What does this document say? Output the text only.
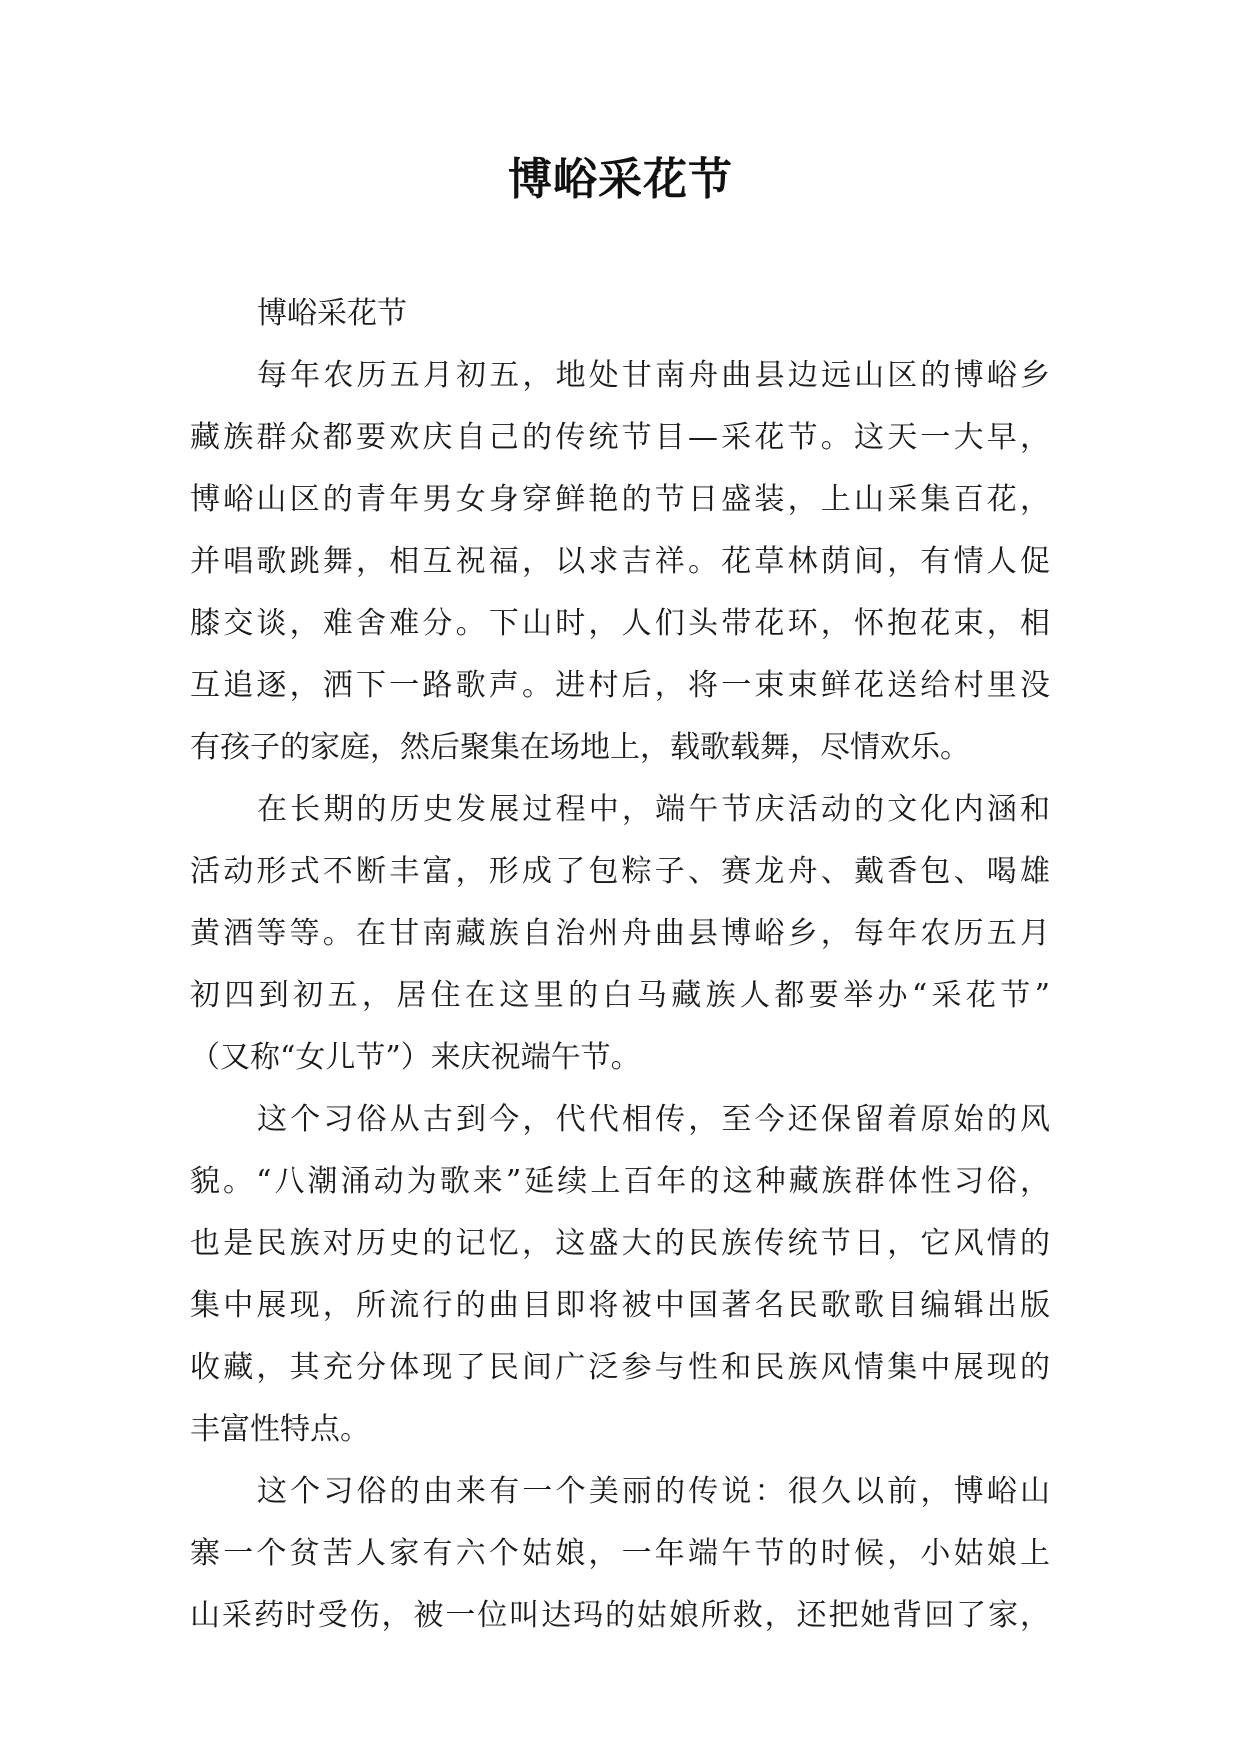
博峪采花节
博峪采花节
每年农历五月初五，地处甘南舟曲县边远山区的博峪乡
藏族群众都要欢庆自己的传统节目—采花节。这天一大早，
博峪山区的青年男女身穿鲜艳的节日盛装，上山采集百花，
并唱歌跳舞，相互祝福，以求吉祥。花草林荫间，有情人促
膝交谈，难舍难分。下山时，人们头带花环，怀抱花束，相
互追逐，洒下一路歌声。进村后，将一束束鲜花送给村里没
有孩子的家庭，然后聚集在场地上，载歌载舞，尽情欢乐。
在长期的历史发展过程中，端午节庆活动的文化内涵和
活动形式不断丰富，形成了包粽子、赛龙舟、戴香包、喝雄
黄酒等等。在甘南藏族自治州舟曲县博峪乡，每年农历五月
初四到初五，居住在这里的白马藏族人都要举办“采花节”
（又称“女儿节”）来庆祝端午节。
这个习俗从古到今，代代相传，至今还保留着原始的风
貌。“八潮涌动为歌来”延续上百年的这种藏族群体性习俗，
也是民族对历史的记忆，这盛大的民族传统节日，它风情的
集中展现，所流行的曲目即将被中国著名民歌歌目编辑出版
收藏，其充分体现了民间广泛参与性和民族风情集中展现的
丰富性特点。
这个习俗的由来有一个美丽的传说：很久以前，博峪山
寨一个贫苦人家有六个姑娘，一年端午节的时候，小姑娘上
山采药时受伤，被一位叫达玛的姑娘所救，还把她背回了家，
